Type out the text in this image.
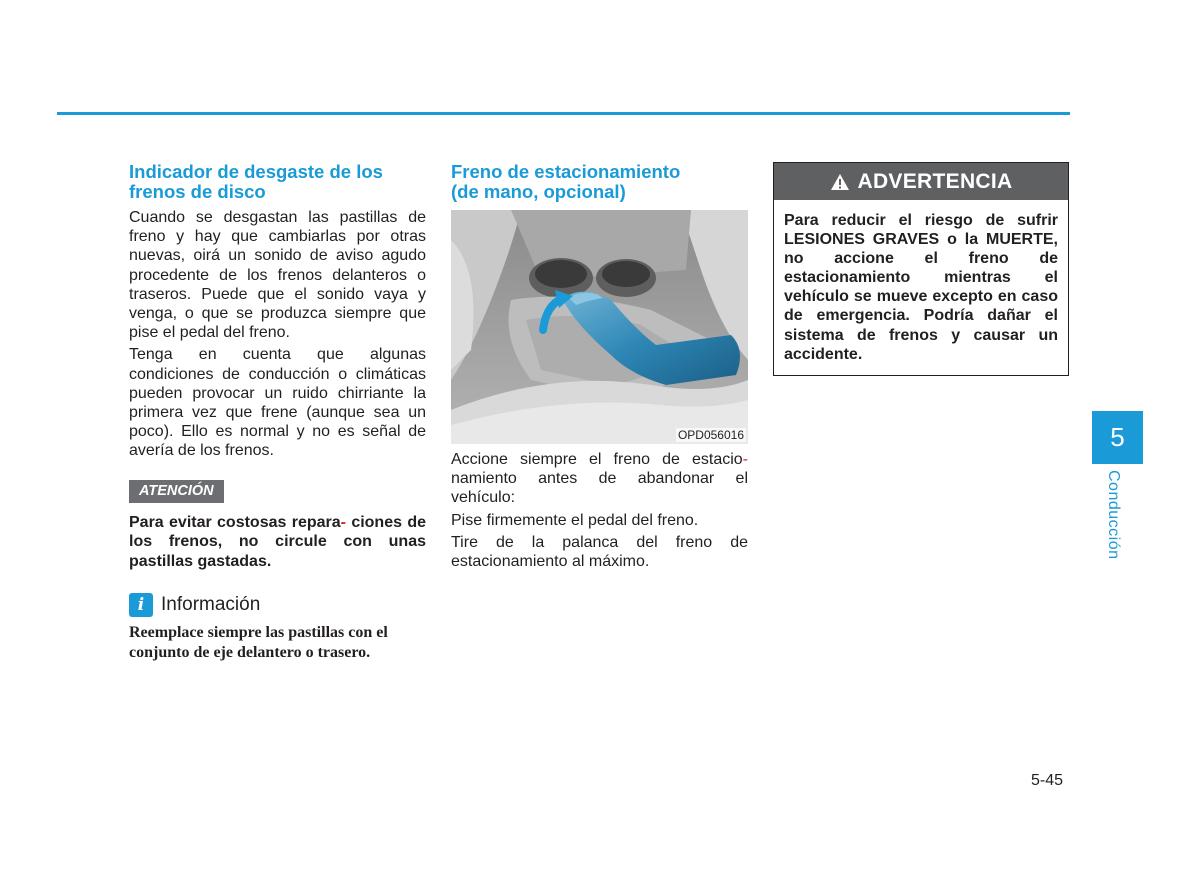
Indicador de desgaste de los
frenos de disco

Cuando se desgastan las pastillas de freno y hay que cambiarlas por otras nuevas, oirá un sonido de aviso agudo procedente de los frenos delanteros o traseros. Puede que el sonido vaya y venga, o que se produzca siempre que pise el pedal del freno.

Tenga en cuenta que algunas condiciones de conducción o climáticas pueden provocar un ruido chirriante la primera vez que frene (aunque sea un poco). Ello es normal y no es señal de avería de los frenos.

ATENCIÓN

Para evitar costosas repara- ciones de los frenos, no circule con unas pastillas gastadas.

i Información

Reemplace siempre las pastillas con el conjunto de eje delantero o trasero.

Freno de estacionamiento
(de mano, opcional)
OPD056016

Accione siempre el freno de estacio- namiento antes de abandonar el vehículo:

Pise firmemente el pedal del freno.

Tire de la palanca del freno de estacionamiento al máximo.

ADVERTENCIA

Para reducir el riesgo de sufrir LESIONES GRAVES o la MUERTE, no accione el freno de estacionamiento mientras el vehículo se mueve excepto en caso de emergencia. Podría dañar el sistema de frenos y causar un accidente.

5
Conducción
5-45
